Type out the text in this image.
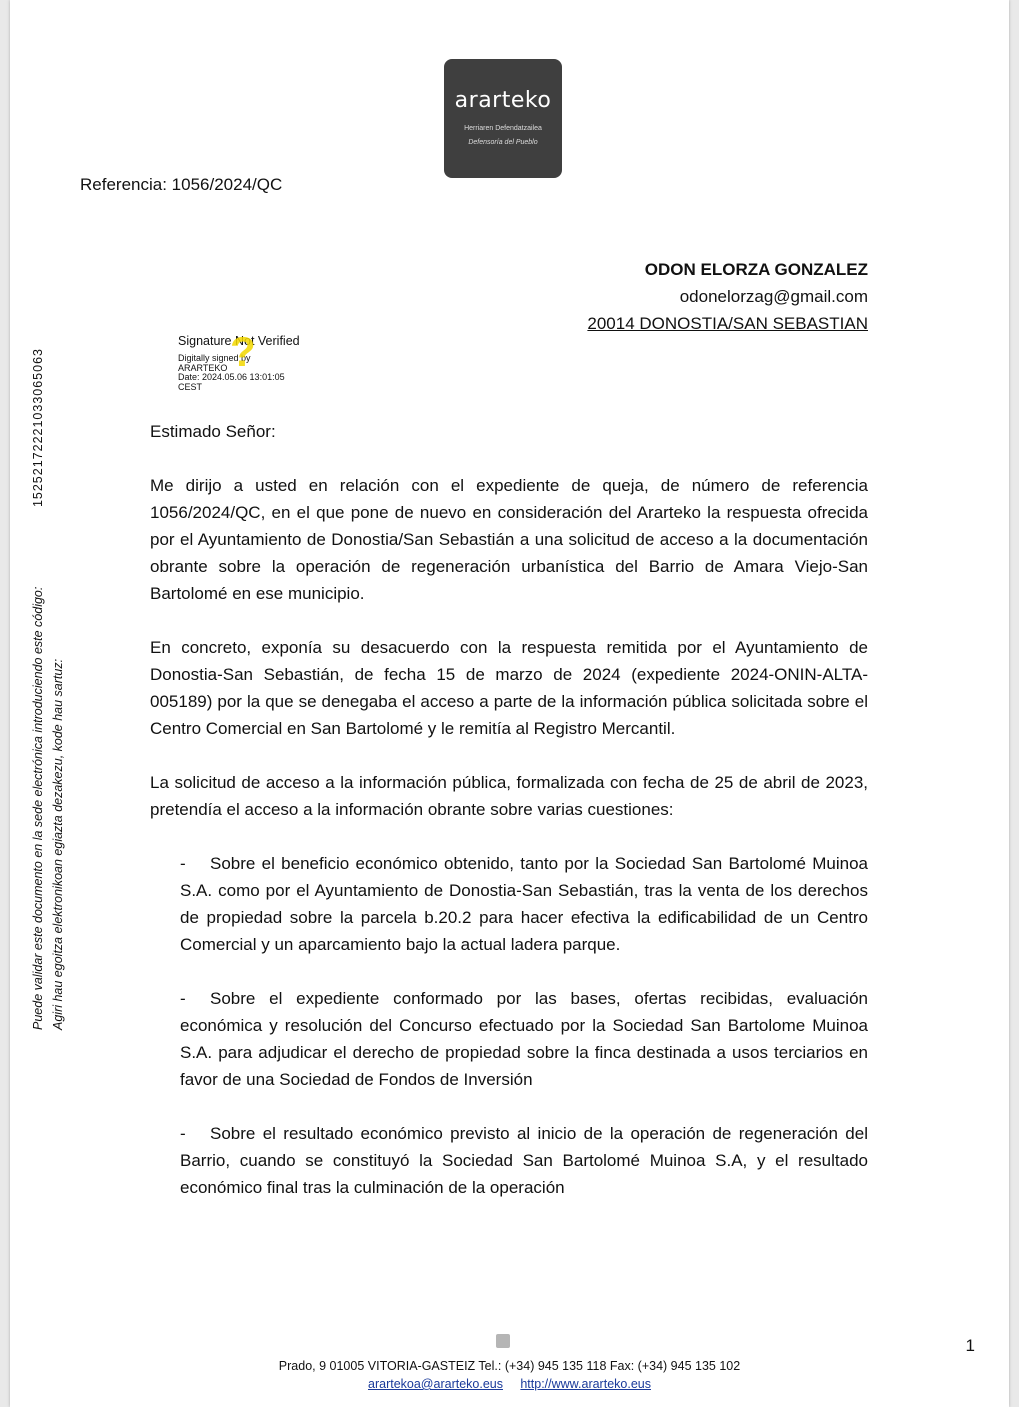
ararteko
Herriaren Defendatzailea
Defensoría del Pueblo
Referencia: 1056/2024/QC
ODON ELORZA GONZALEZ
odonelorzag@gmail.com
20014 DONOSTIA/SAN SEBASTIAN
Puede validar este documento en la sede electrónica introduciendo este código: Agiri hau egoitza elektronikoan egiazta dezakezu, kode hau sartuz:
15252172221033065063	?
Signature Not Verified
Digitally signed by
ARARTEKO
Date: 2024.05.06 13:01:05
CEST

Estimado Señor:

Me dirijo a usted en relación con el expediente de queja, de número de referencia 1056/2024/QC, en el que pone de nuevo en consideración del Ararteko la respuesta ofrecida por el Ayuntamiento de Donostia/San Sebastián a una solicitud de acceso a la documentación obrante sobre la operación de regeneración urbanística del Barrio de Amara Viejo-San Bartolomé en ese municipio.

En concreto, exponía su desacuerdo con la respuesta remitida por el Ayuntamiento de Donostia-San Sebastián, de fecha 15 de marzo de 2024 (expediente 2024-ONIN-ALTA-005189) por la que se denegaba el acceso a parte de la información pública solicitada sobre el Centro Comercial en San Bartolomé y le remitía al Registro Mercantil.

La solicitud de acceso a la información pública, formalizada con fecha de 25 de abril de 2023, pretendía el acceso a la información obrante sobre varias cuestiones:

- Sobre el beneficio económico obtenido, tanto por la Sociedad San Bartolomé Muinoa S.A. como por el Ayuntamiento de Donostia-San Sebastián, tras la venta de los derechos de propiedad sobre la parcela b.20.2 para hacer efectiva la edificabilidad de un Centro Comercial y un aparcamiento bajo la actual ladera parque.

- Sobre el expediente conformado por las bases, ofertas recibidas, evaluación económica y resolución del Concurso efectuado por la Sociedad San Bartolome Muinoa S.A. para adjudicar el derecho de propiedad sobre la finca destinada a usos terciarios en favor de una Sociedad de Fondos de Inversión

- Sobre el resultado económico previsto al inicio de la operación de regeneración del Barrio, cuando se constituyó la Sociedad San Bartolomé Muinoa S.A, y el resultado económico final tras la culminación de la operación

1
Prado, 9 01005 VITORIA-GASTEIZ Tel.: (+34) 945 135 118 Fax: (+34) 945 135 102
arartekoa@ararteko.eus http://www.ararteko.eus
